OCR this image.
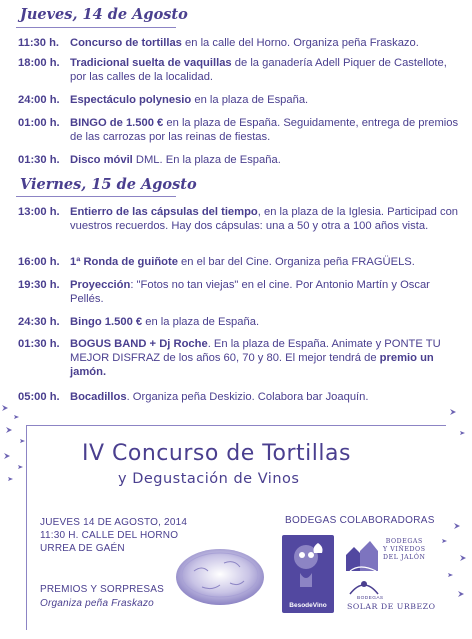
Jueves, 14 de Agosto
11:30 h. Concurso de tortillas en la calle del Horno. Organiza peña Fraskazo.
18:00 h. Tradicional suelta de vaquillas de la ganadería Adell Piquer de Castellote, por las calles de la localidad.
24:00 h. Espectáculo polynesio en la plaza de España.
01:00 h. BINGO de 1.500 € en la plaza de España. Seguidamente, entrega de premios de las carrozas por las reinas de fiestas.
01:30 h. Disco móvil DML. En la plaza de España.
Viernes, 15 de Agosto
13:00 h. Entierro de las cápsulas del tiempo, en la plaza de la Iglesia. Participad con vuestros recuerdos. Hay dos cápsulas: una a 50 y otra a 100 años vista.
16:00 h. 1ª Ronda de guiñote en el bar del Cine. Organiza peña FRAGÜELS.
19:30 h. Proyección: "Fotos no tan viejas" en el cine. Por Antonio Martín y Oscar Pellés.
24:30 h. Bingo 1.500 € en la plaza de España.
01:30 h. BOGUS BAND + Dj Roche. En la plaza de España. Animate y PONTE TU MEJOR DISFRAZ de los años 60, 70 y 80. El mejor tendrá de premio un jamón.
05:00 h. Bocadillos. Organiza peña Deskizio. Colabora bar Joaquín.
IV Concurso de Tortillas
y Degustación de Vinos
JUEVES 14 DE AGOSTO, 2014
11:30 H. CALLE DEL HORNO
URREA DE GAÉN
PREMIOS Y SORPRESAS
Organiza peña Fraskazo
BODEGAS COLABORADORAS
BesodeVino
BODEGAS
Y VIÑEDOS
DEL JALÓN
BODEGAS
SOLAR DE URBEZO
